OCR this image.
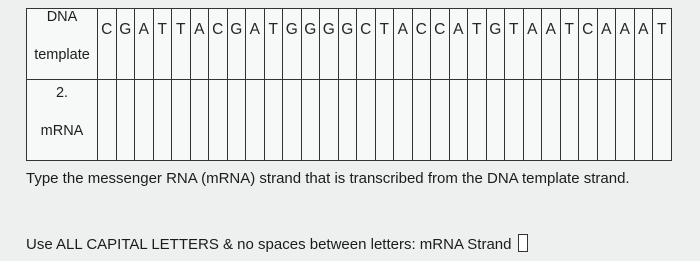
DNA

template	C	G	A	T	T	A	C	G	A	T	G	G	G	G	C	T	A	C	C	A	T	G	T	A	A	T	C	A	A	A	T

2.

mRNA																															

Type the messenger RNA (mRNA) strand that is transcribed from the DNA template strand.

Use ALL CAPITAL LETTERS & no spaces between letters: mRNA Strand
